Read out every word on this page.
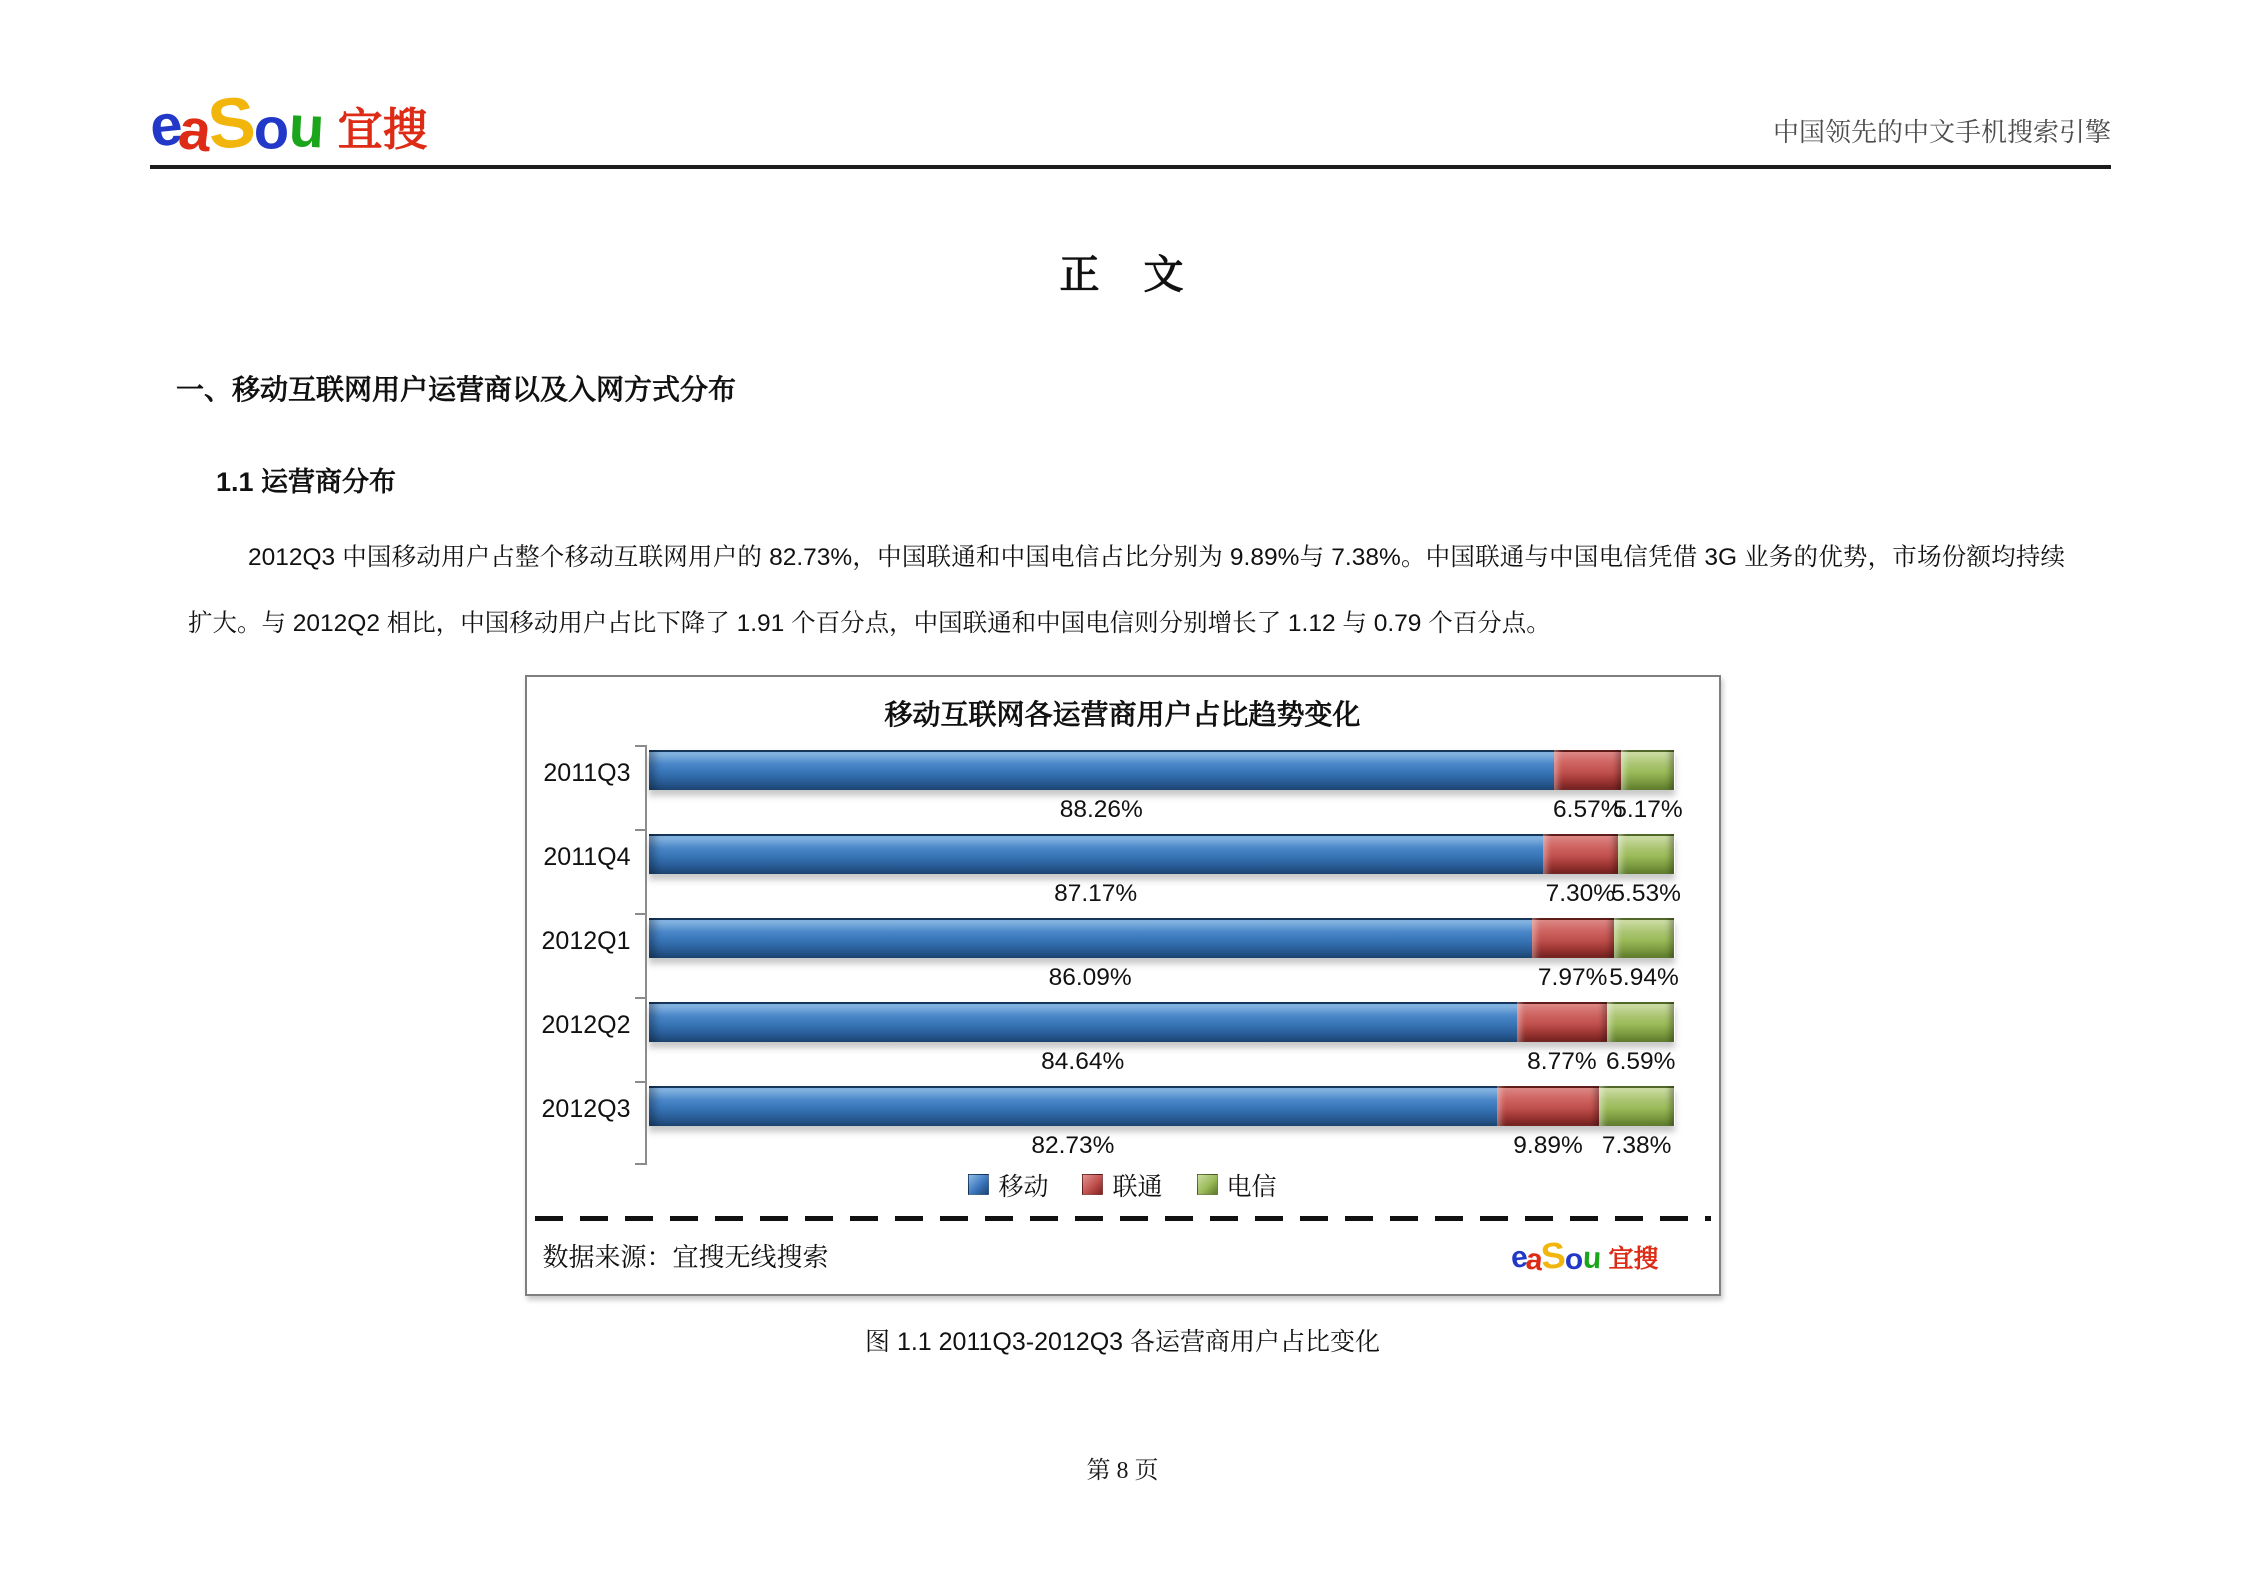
e
a
S
o
u 宜搜	中国领先的中文手机搜索引擎
正　文
一、移动互联网用户运营商以及入网方式分布
1.1 运营商分布
2012Q3 中国移动用户占整个移动互联网用户的 82.73%，中国联通和中国电信占比分别为 9.89%与 7.38%。中国联通与中国电信凭借 3G 业务的优势，市场份额均持续扩大。与 2012Q2 相比，中国移动用户占比下降了 1.91 个百分点，中国联通和中国电信则分别增长了 1.12 与 0.79 个百分点。
移动互联网各运营商用户占比趋势变化
2011Q3
88.26%	6.57%
5.17%
2011Q4
87.17%	7.30%
5.53%
2012Q1
86.09%	7.97% 5.94%
2012Q2
84.64%	8.77% 6.59%
2012Q3
82.73%	9.89% 7.38%
移动	联通	电信
数据来源：宜搜无线搜索	e
a
S
o u 宜搜
图 1.1 2011Q3-2012Q3 各运营商用户占比变化
第 8 页
